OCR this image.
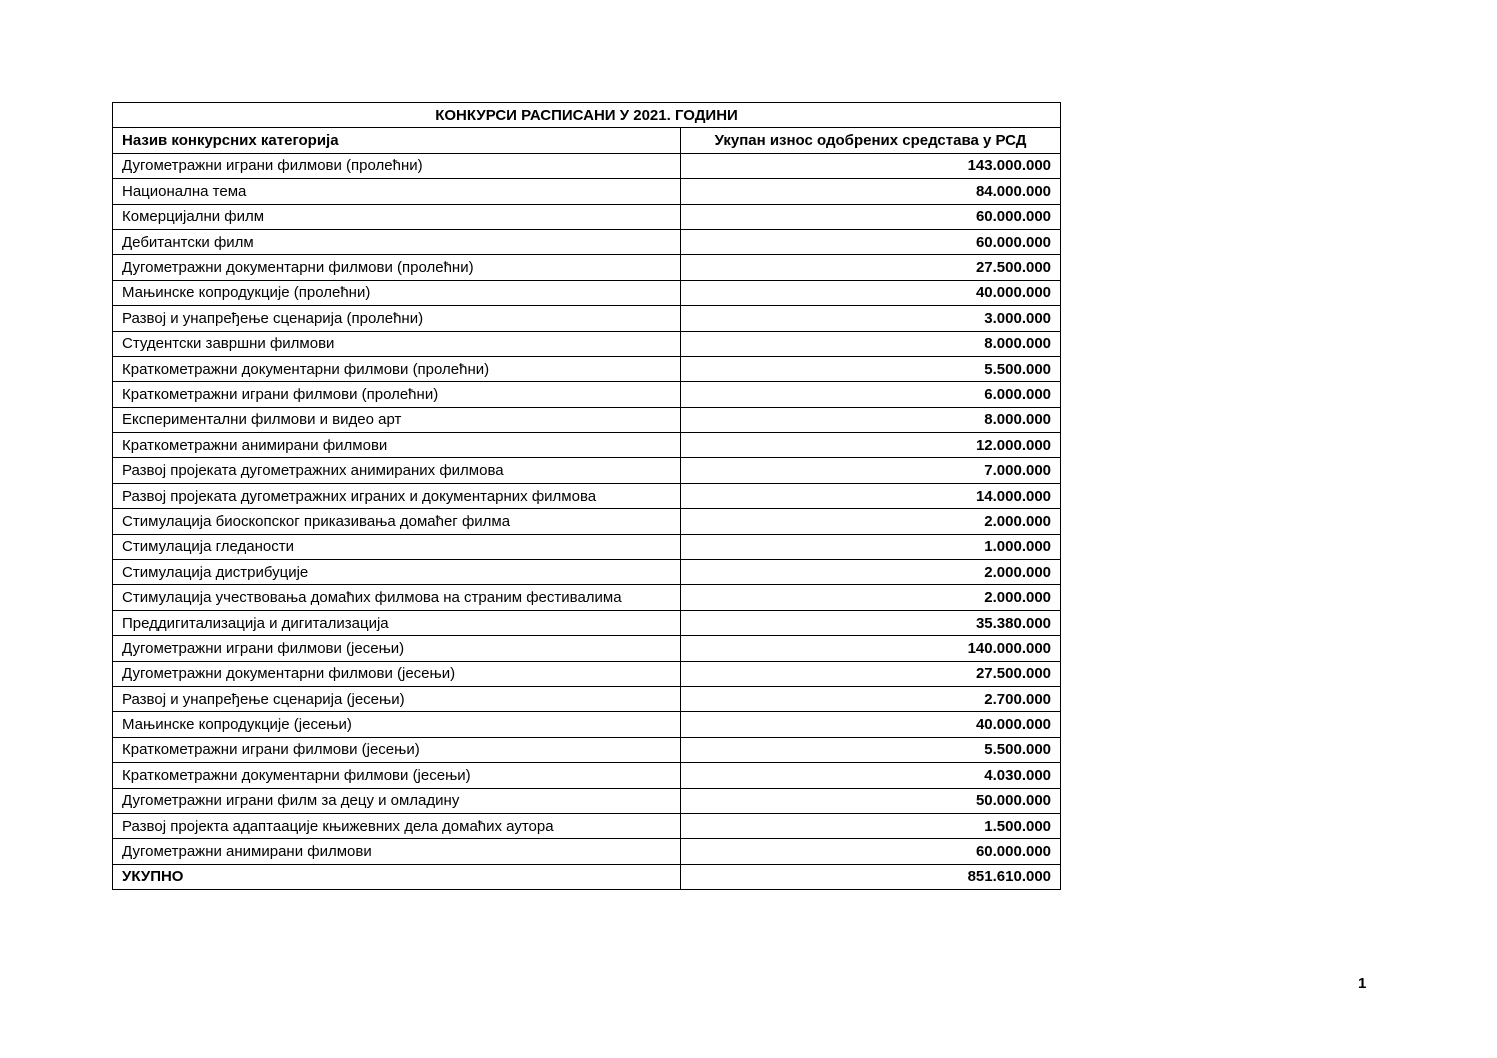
КОНКУРСИ РАСПИСАНИ У 2021. ГОДИНИ	
Назив конкурсних категорија	Укупан износ одобрених средстава у РСД
Дугометражни играни филмови (пролећни)	143.000.000
Национална тема	84.000.000
Комерцијални филм	60.000.000
Дебитантски филм	60.000.000
Дугометражни документарни филмови (пролећни)	27.500.000
Мањинске копродукције (пролећни)	40.000.000
Развој и унапређење сценарија (пролећни)	3.000.000
Студентски завршни филмови	8.000.000
Краткометражни документарни филмови (пролећни)	5.500.000
Краткометражни играни филмови (пролећни)	6.000.000
Експериментални филмови и видео арт	8.000.000
Краткометражни анимирани филмови	12.000.000
Развој пројеката дугометражних анимираних филмова	7.000.000
Развој пројеката дугометражних играних и документарних филмова	14.000.000
Стимулација биоскопског приказивања домаћег филма	2.000.000
Стимулација гледаности	1.000.000
Стимулација дистрибуције	2.000.000
Стимулација учествовања домаћих филмова на страним фестивалима	2.000.000
Преддигитализација и дигитализација	35.380.000
Дугометражни играни филмови (јесењи)	140.000.000
Дугометражни документарни филмови (јесењи)	27.500.000
Развој и унапређење сценарија (јесењи)	2.700.000
Мањинске копродукције (јесењи)	40.000.000
Краткометражни играни филмови (јесењи)	5.500.000
Краткометражни документарни филмови (јесењи)	4.030.000
Дугометражни играни филм за децу и омладину	50.000.000
Развој пројекта адаптаације књижевних дела домаћих аутора	1.500.000
Дугометражни анимирани филмови	60.000.000
УКУПНО	851.610.000
1
